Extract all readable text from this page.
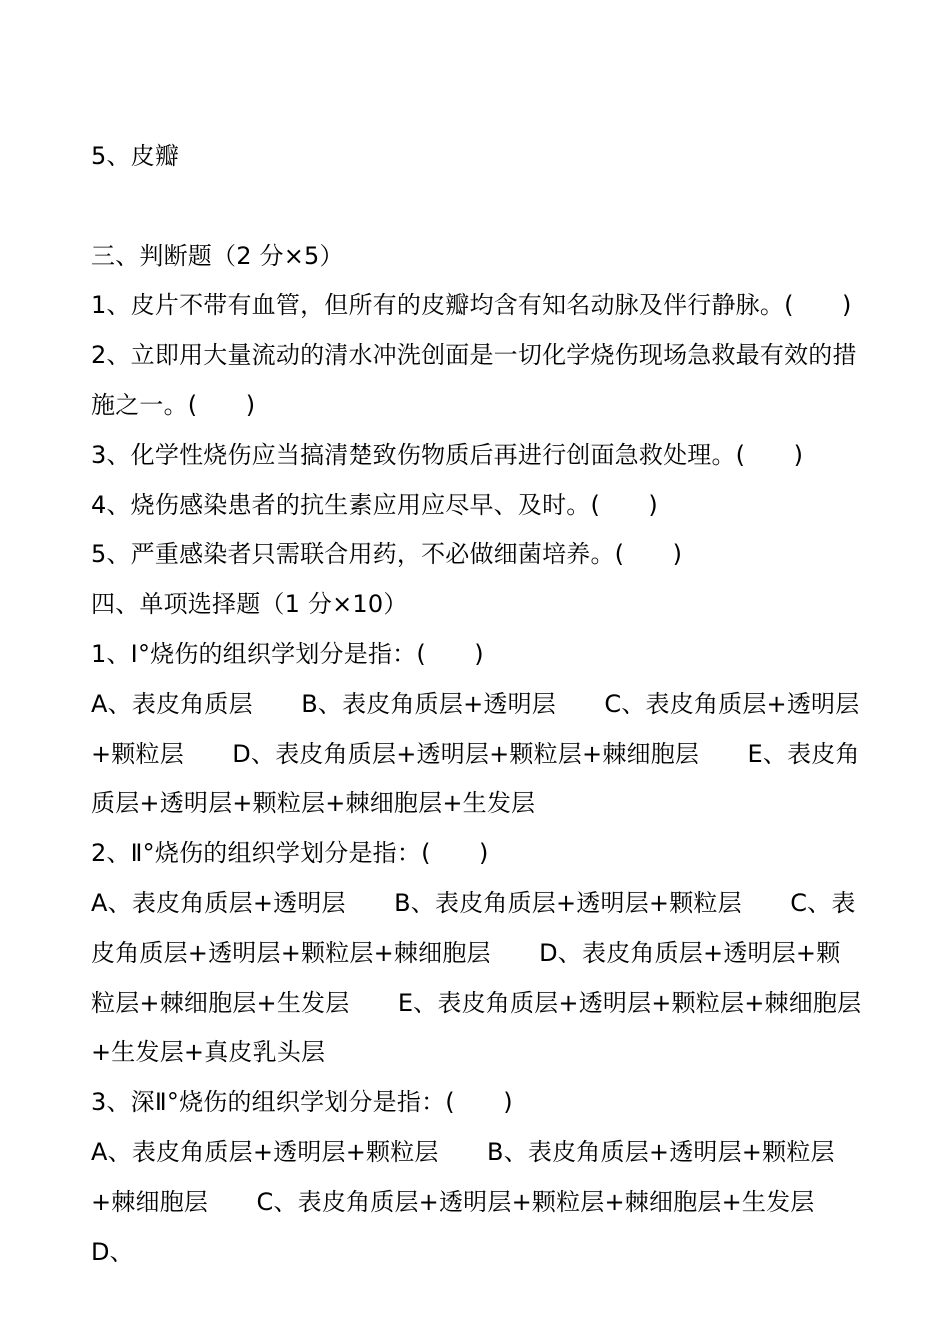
5、皮瓣
三、判断题（2 分×5）
1、皮片不带有血管，但所有的皮瓣均含有知名动脉及伴行静脉。(　　)
2、立即用大量流动的清水冲洗创面是一切化学烧伤现场急救最有效的措施之一。(　　)
3、化学性烧伤应当搞清楚致伤物质后再进行创面急救处理。(　　)
4、烧伤感染患者的抗生素应用应尽早、及时。(　　)
5、严重感染者只需联合用药，不必做细菌培养。(　　)
四、单项选择题（1 分×10）
1、Ⅰ°烧伤的组织学划分是指：(　　)
A、表皮角质层　　B、表皮角质层+透明层　　C、表皮角质层+透明层+颗粒层　　D、表皮角质层+透明层+颗粒层+棘细胞层　　E、表皮角质层+透明层+颗粒层+棘细胞层+生发层
2、Ⅱ°烧伤的组织学划分是指：(　　)
A、表皮角质层+透明层　　B、表皮角质层+透明层+颗粒层　　C、表皮角质层+透明层+颗粒层+棘细胞层　　D、表皮角质层+透明层+颗粒层+棘细胞层+生发层　　E、表皮角质层+透明层+颗粒层+棘细胞层+生发层+真皮乳头层
3、深Ⅱ°烧伤的组织学划分是指：(　　)
A、表皮角质层+透明层+颗粒层　　B、表皮角质层+透明层+颗粒层+棘细胞层　　C、表皮角质层+透明层+颗粒层+棘细胞层+生发层　　D、
